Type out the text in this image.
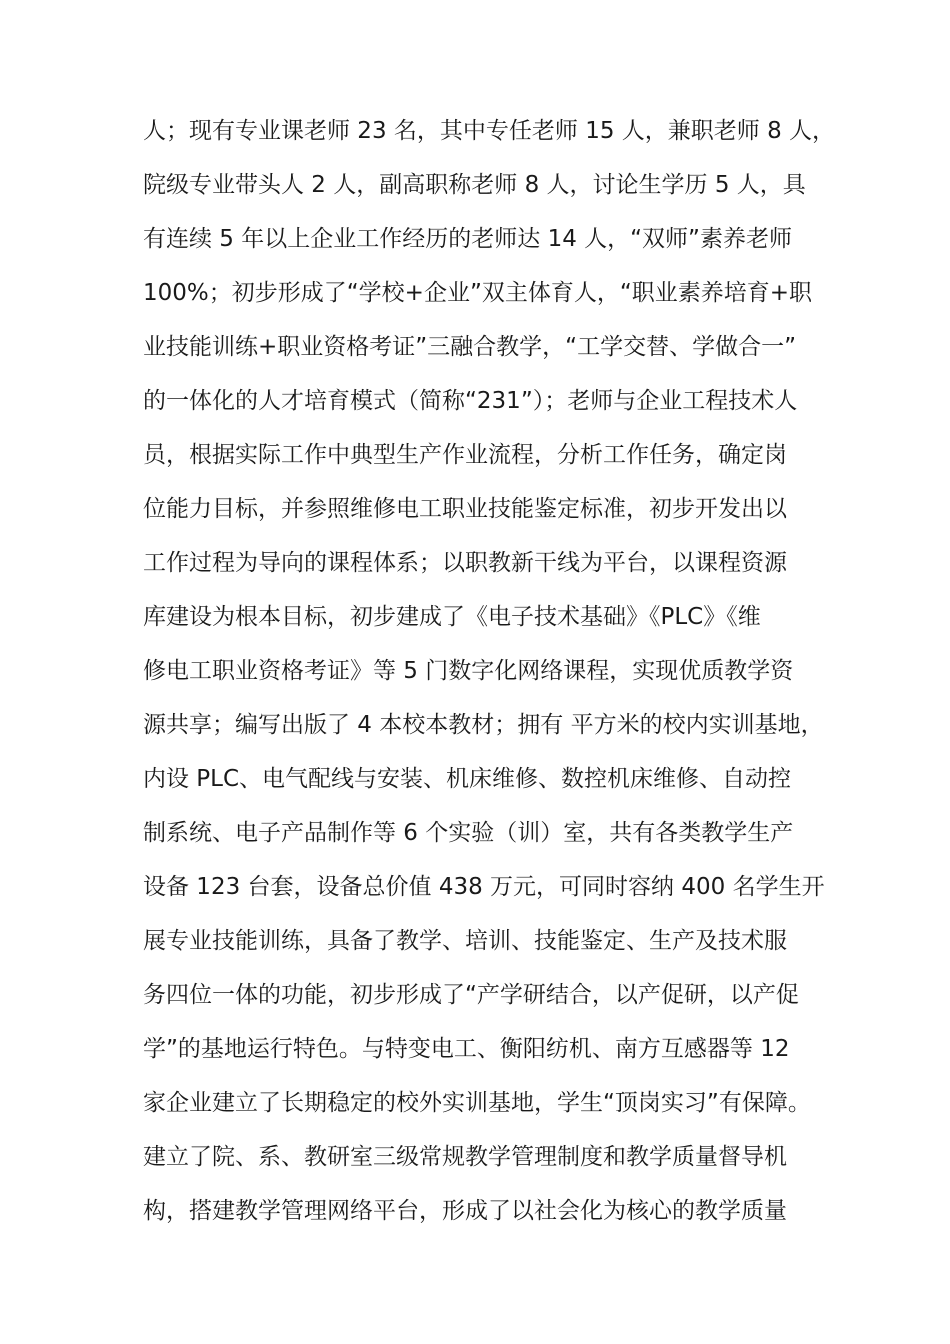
人；现有专业课老师 23 名，其中专任老师 15 人，兼职老师 8 人，
院级专业带头人 2 人，副高职称老师 8 人，讨论生学历 5 人，具
有连续 5 年以上企业工作经历的老师达 14 人，“双师”素养老师
100%；初步形成了“学校+企业”双主体育人，“职业素养培育+职
业技能训练+职业资格考证”三融合教学，“工学交替、学做合一”
的一体化的人才培育模式（简称“231”）；老师与企业工程技术人
员，根据实际工作中典型生产作业流程，分析工作任务，确定岗
位能力目标，并参照维修电工职业技能鉴定标准，初步开发出以
工作过程为导向的课程体系；以职教新干线为平台，以课程资源
库建设为根本目标，初步建成了《电子技术基础》《PLC》《维
修电工职业资格考证》等 5 门数字化网络课程，实现优质教学资
源共享；编写出版了 4 本校本教材；拥有 平方米的校内实训基地，
内设 PLC、电气配线与安装、机床维修、数控机床维修、自动控
制系统、电子产品制作等 6 个实验（训）室，共有各类教学生产
设备 123 台套，设备总价值 438 万元，可同时容纳 400 名学生开
展专业技能训练，具备了教学、培训、技能鉴定、生产及技术服
务四位一体的功能，初步形成了“产学研结合，以产促研，以产促
学”的基地运行特色。与特变电工、衡阳纺机、南方互感器等 12
家企业建立了长期稳定的校外实训基地，学生“顶岗实习”有保障。
建立了院、系、教研室三级常规教学管理制度和教学质量督导机
构，搭建教学管理网络平台，形成了以社会化为核心的教学质量
